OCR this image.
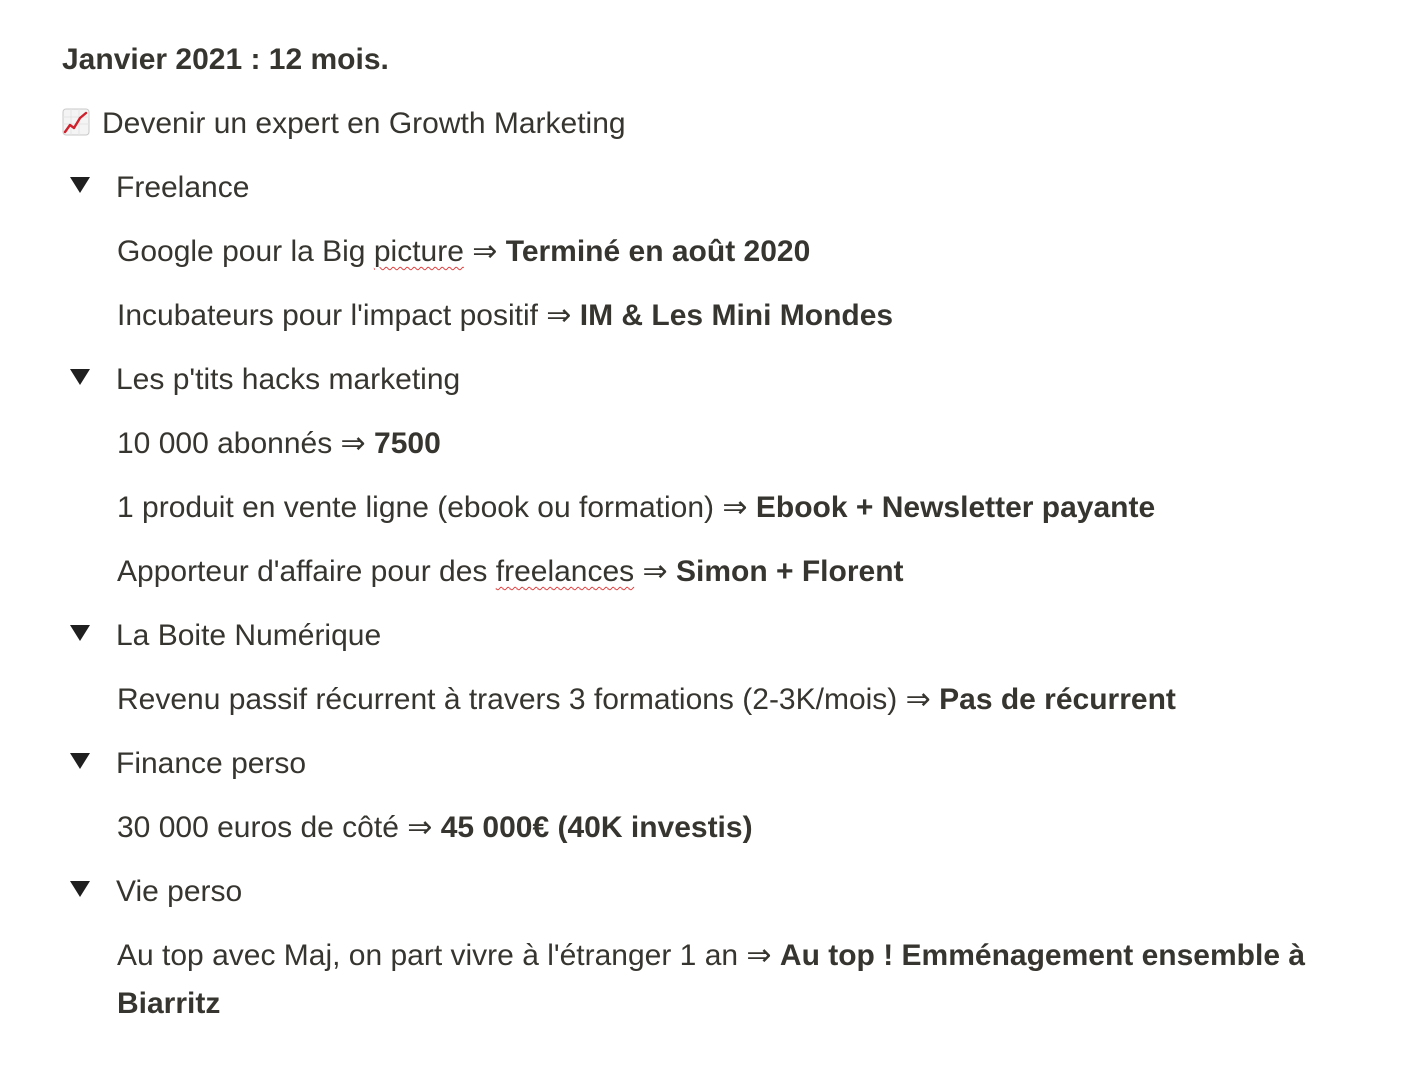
Janvier 2021 : 12 mois.
Devenir un expert en Growth Marketing
Freelance
Google pour la Big picture ⇒ Terminé en août 2020
Incubateurs pour l'impact positif ⇒ IM & Les Mini Mondes
Les p'tits hacks marketing
10 000 abonnés ⇒ 7500
1 produit en vente ligne (ebook ou formation) ⇒ Ebook + Newsletter payante
Apporteur d'affaire pour des freelances ⇒ Simon + Florent
La Boite Numérique
Revenu passif récurrent à travers 3 formations (2-3K/mois) ⇒ Pas de récurrent
Finance perso
30 000 euros de côté ⇒ 45 000€ (40K investis)
Vie perso
Au top avec Maj, on part vivre à l'étranger 1 an ⇒ Au top ! Emménagement ensemble à Biarritz
